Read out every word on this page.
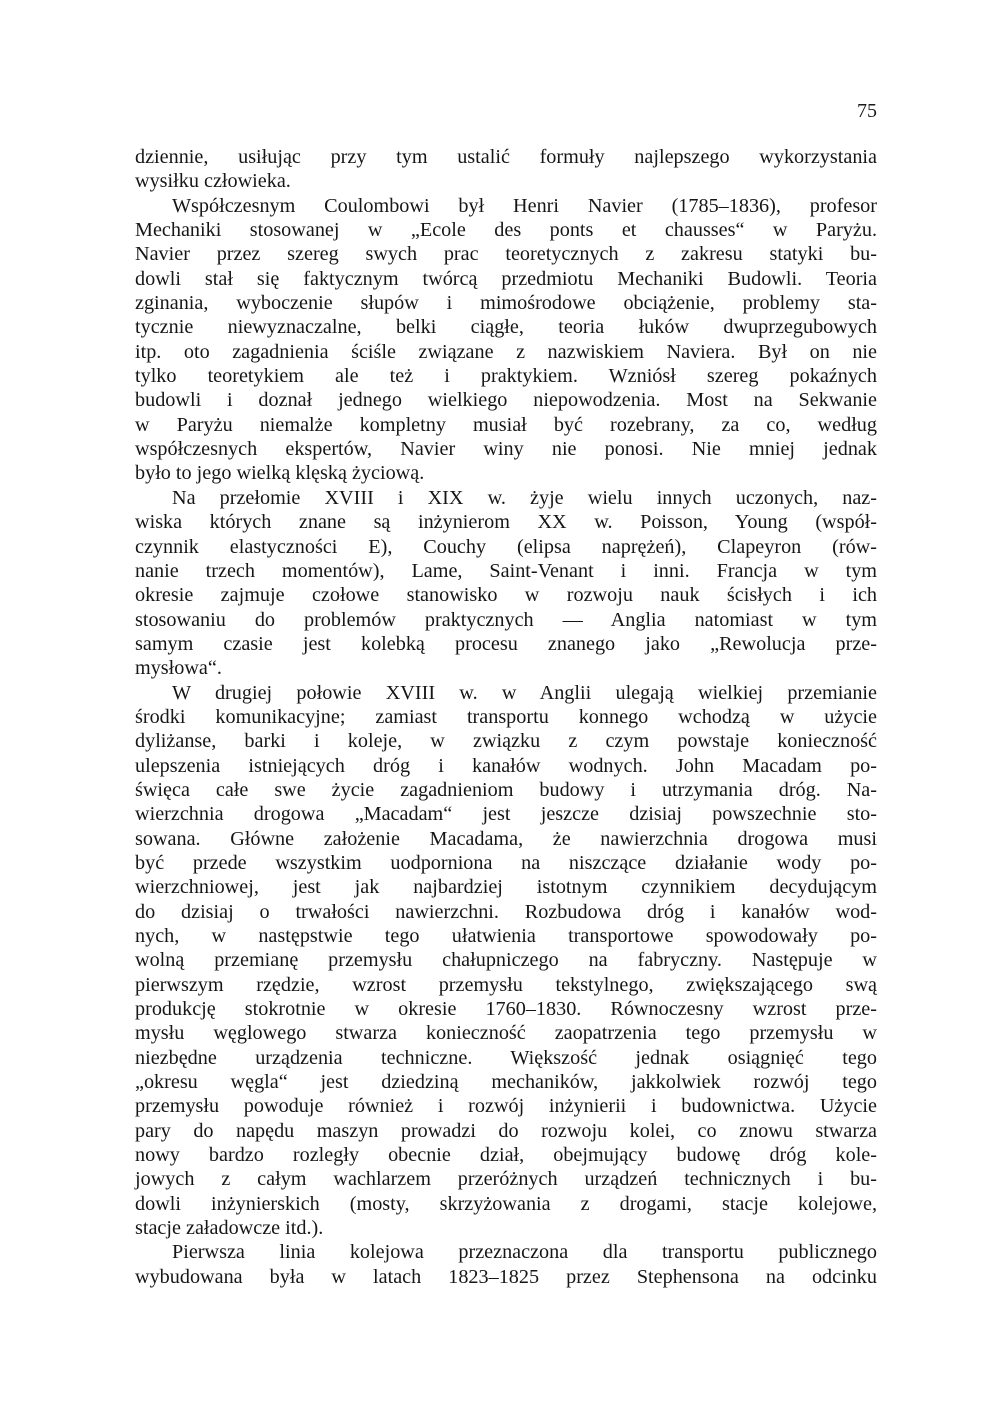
75
dziennie, usiłując przy tym ustalić formuły najlepszego wykorzystania
wysiłku człowieka.
Współczesnym Coulombowi był Henri Navier (1785–1836), profesor
Mechaniki stosowanej w „Ecole des ponts et chausses“ w Paryżu.
Navier przez szereg swych prac teoretycznych z zakresu statyki bu-
dowli stał się faktycznym twórcą przedmiotu Mechaniki Budowli. Teoria
zginania, wyboczenie słupów i mimośrodowe obciążenie, problemy sta-
tycznie niewyznaczalne, belki ciągłe, teoria łuków dwuprzegubowych
itp. oto zagadnienia ściśle związane z nazwiskiem Naviera. Był on nie
tylko teoretykiem ale też i praktykiem. Wzniósł szereg pokaźnych
budowli i doznał jednego wielkiego niepowodzenia. Most na Sekwanie
w Paryżu niemalże kompletny musiał być rozebrany, za co, według
współczesnych ekspertów, Navier winy nie ponosi. Nie mniej jednak
było to jego wielką klęską życiową.
Na przełomie XVIII i XIX w. żyje wielu innych uczonych, naz-
wiska których znane są inżynierom XX w. Poisson, Young (współ-
czynnik elastyczności E), Couchy (elipsa naprężeń), Clapeyron (rów-
nanie trzech momentów), Lame, Saint-Venant i inni. Francja w tym
okresie zajmuje czołowe stanowisko w rozwoju nauk ścisłych i ich
stosowaniu do problemów praktycznych — Anglia natomiast w tym
samym czasie jest kolebką procesu znanego jako „Rewolucja prze-
mysłowa“.
W drugiej połowie XVIII w. w Anglii ulegają wielkiej przemianie
środki komunikacyjne; zamiast transportu konnego wchodzą w użycie
dyliżanse, barki i koleje, w związku z czym powstaje konieczność
ulepszenia istniejących dróg i kanałów wodnych. John Macadam po-
święca całe swe życie zagadnieniom budowy i utrzymania dróg. Na-
wierzchnia drogowa „Macadam“ jest jeszcze dzisiaj powszechnie sto-
sowana. Główne założenie Macadama, że nawierzchnia drogowa musi
być przede wszystkim uodporniona na niszczące działanie wody po-
wierzchniowej, jest jak najbardziej istotnym czynnikiem decydującym
do dzisiaj o trwałości nawierzchni. Rozbudowa dróg i kanałów wod-
nych, w następstwie tego ułatwienia transportowe spowodowały po-
wolną przemianę przemysłu chałupniczego na fabryczny. Następuje w
pierwszym rzędzie, wzrost przemysłu tekstylnego, zwiększającego swą
produkcję stokrotnie w okresie 1760–1830. Równoczesny wzrost prze-
mysłu węglowego stwarza konieczność zaopatrzenia tego przemysłu w
niezbędne urządzenia techniczne. Większość jednak osiągnięć tego
„okresu węgla“ jest dziedziną mechaników, jakkolwiek rozwój tego
przemysłu powoduje również i rozwój inżynierii i budownictwa. Użycie
pary do napędu maszyn prowadzi do rozwoju kolei, co znowu stwarza
nowy bardzo rozległy obecnie dział, obejmujący budowę dróg kole-
jowych z całym wachlarzem przeróżnych urządzeń technicznych i bu-
dowli inżynierskich (mosty, skrzyżowania z drogami, stacje kolejowe,
stacje załadowcze itd.).
Pierwsza linia kolejowa przeznaczona dla transportu publicznego
wybudowana była w latach 1823–1825 przez Stephensona na odcinku
